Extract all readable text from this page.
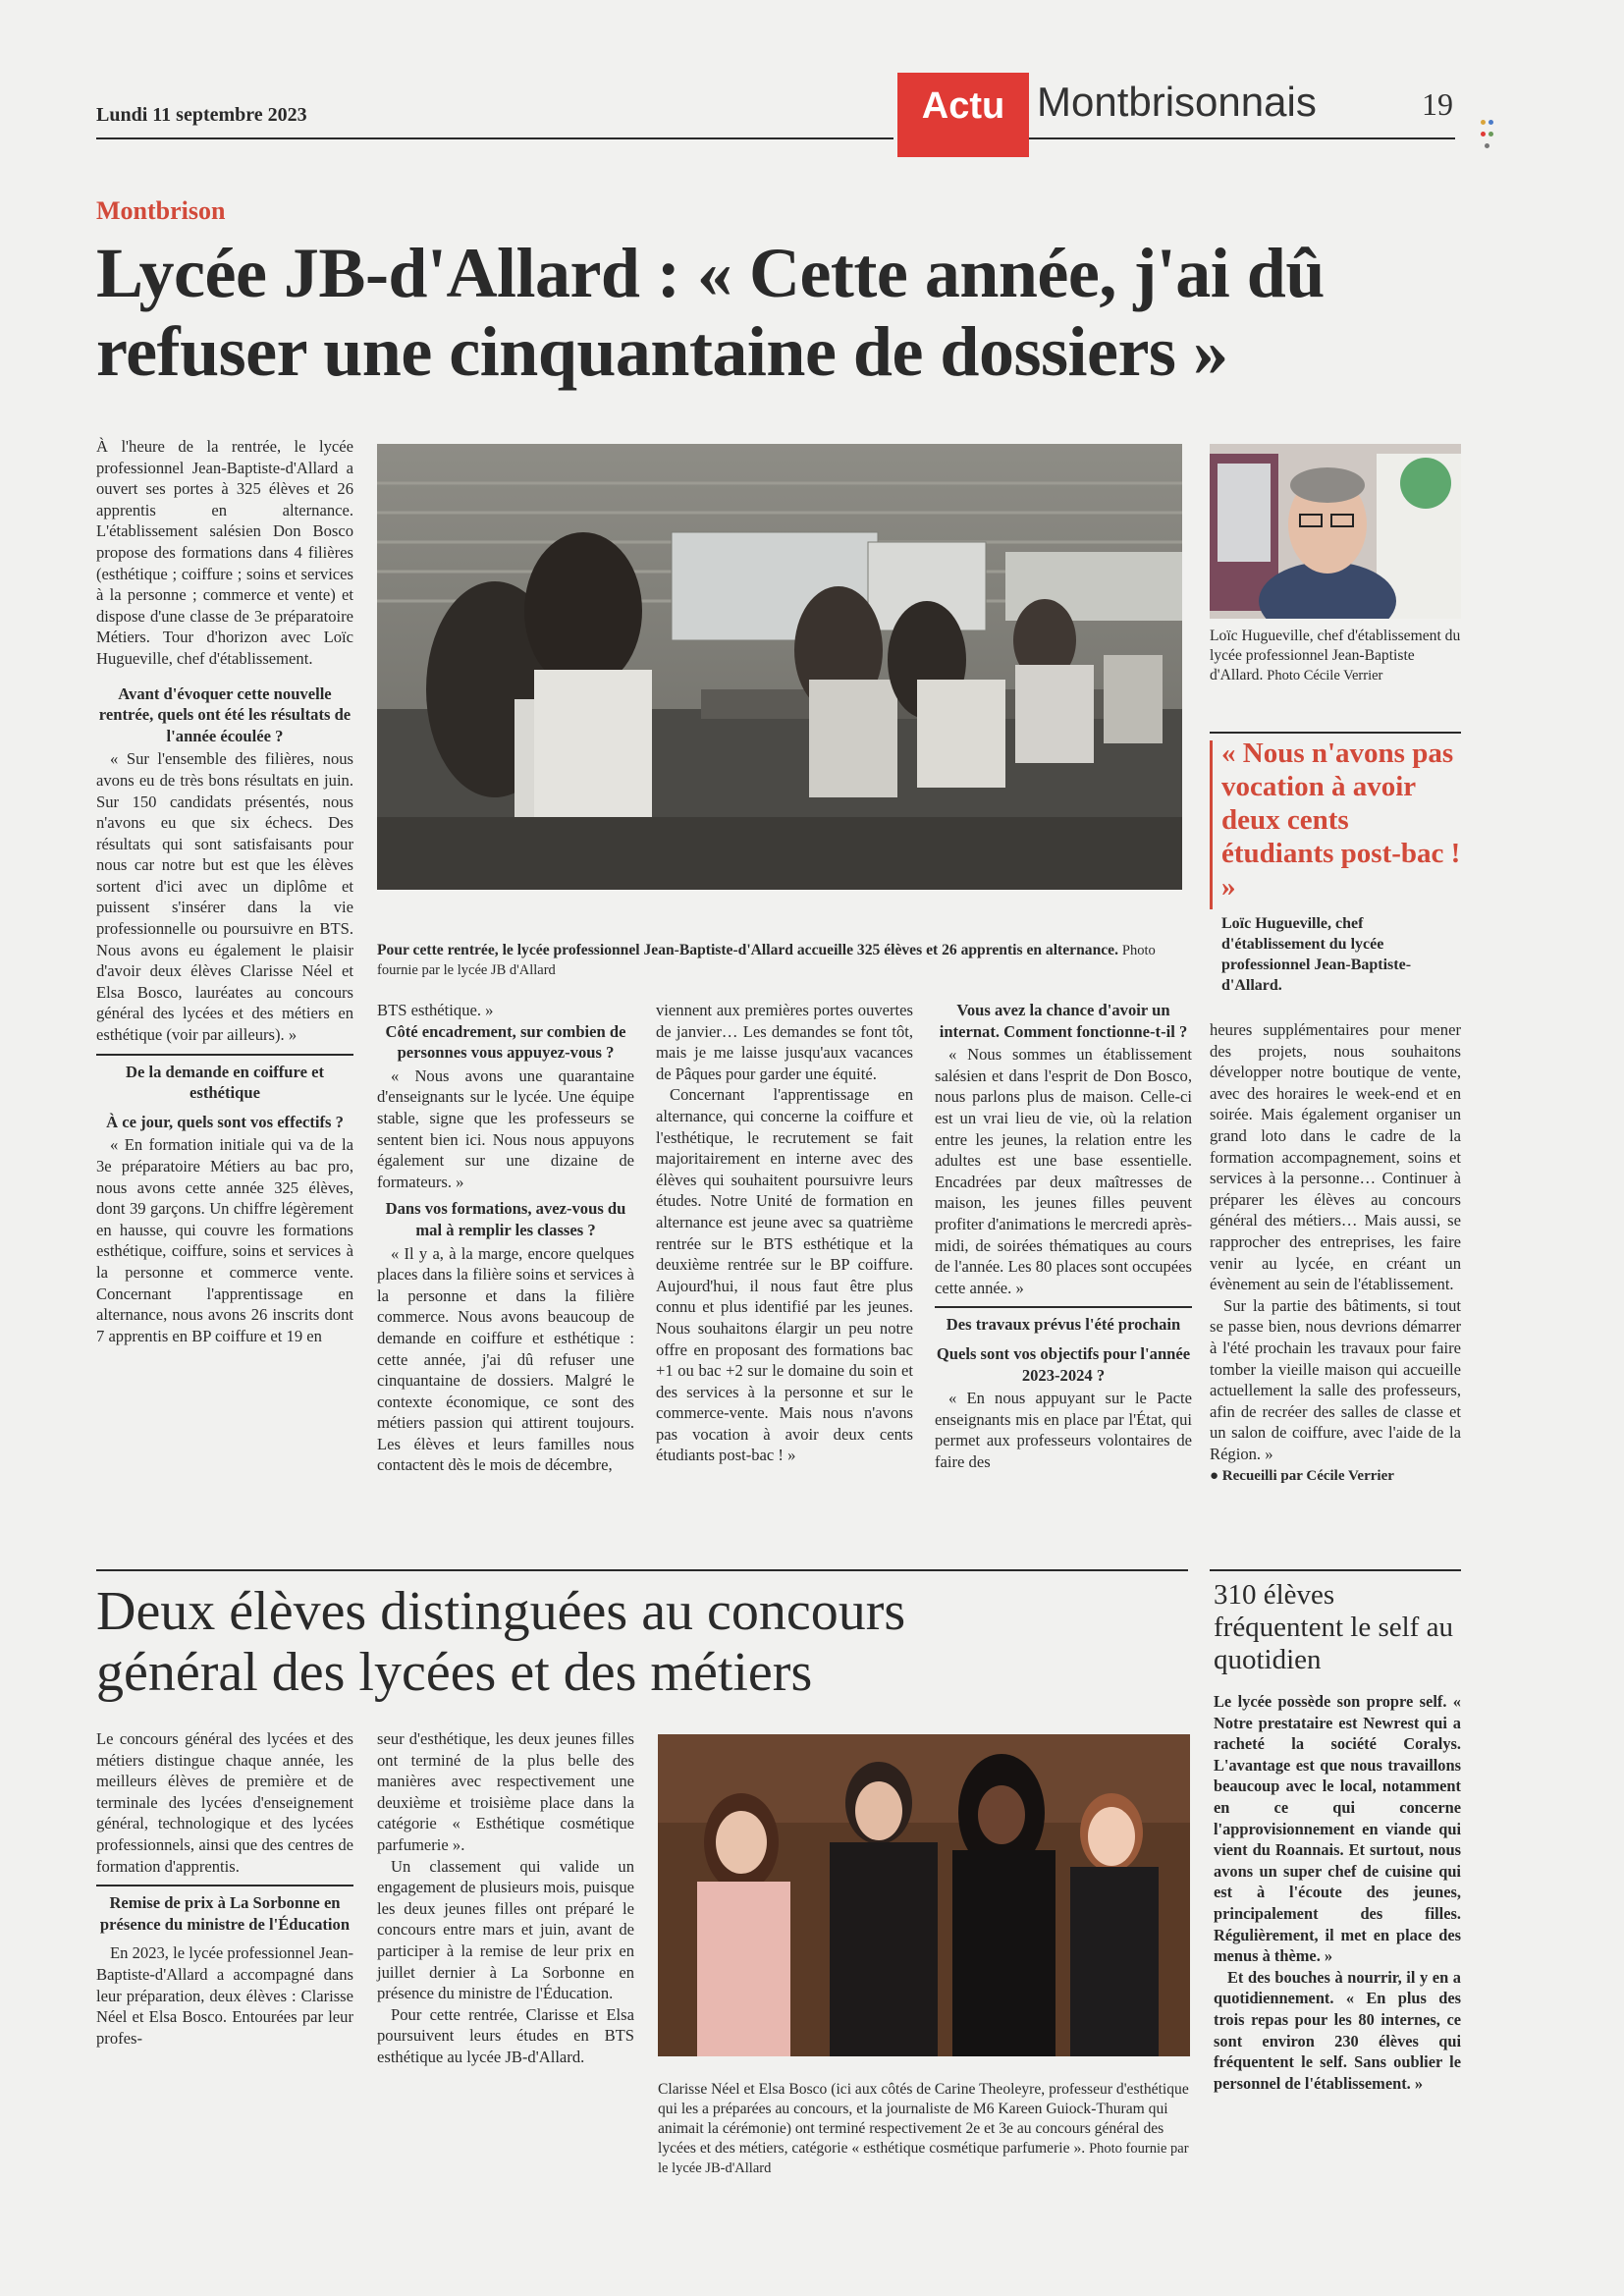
Lundi 11 septembre 2023	Actu Montbrisonnais	19
Montbrison
Lycée JB-d'Allard : « Cette année, j'ai dû
refuser une cinquantaine de dossiers »

À l'heure de la rentrée, le lycée professionnel Jean-Baptiste-d'Allard a ouvert ses portes à 325 élèves et 26 apprentis en alternance. L'établissement salésien Don Bosco propose des formations dans 4 filières (esthétique ; coiffure ; soins et services à la personne ; commerce et vente) et dispose d'une classe de 3e préparatoire Métiers. Tour d'horizon avec Loïc Hugueville, chef d'établissement.

Avant d'évoquer cette nouvelle rentrée, quels ont été les résultats de l'année écoulée ?

« Sur l'ensemble des filières, nous avons eu de très bons résultats en juin. Sur 150 candidats présentés, nous n'avons eu que six échecs. Des résultats qui sont satisfaisants pour nous car notre but est que les élèves sortent d'ici avec un diplôme et puissent s'insérer dans la vie professionnelle ou poursuivre en BTS. Nous avons eu également le plaisir d'avoir deux élèves Clarisse Néel et Elsa Bosco, lauréates au concours général des lycées et des métiers en esthétique (voir par ailleurs). »

De la demande en coiffure et esthétique

À ce jour, quels sont vos effectifs ?

« En formation initiale qui va de la 3e préparatoire Métiers au bac pro, nous avons cette année 325 élèves, dont 39 garçons. Un chiffre légèrement en hausse, qui couvre les formations esthétique, coiffure, soins et services à la personne et commerce vente. Concernant l'apprentissage en alternance, nous avons 26 inscrits dont 7 apprentis en BP coiffure et 19 en

Pour cette rentrée, le lycée professionnel Jean-Baptiste-d'Allard accueille 325 élèves et 26 apprentis en alternance. Photo fournie par le lycée JB d'Allard
Loïc Hugueville, chef d'établissement du lycée professionnel Jean-Baptiste d'Allard. Photo Cécile Verrier
« Nous n'avons pas vocation à avoir deux cents étudiants post-bac ! »
Loïc Hugueville, chef d'établissement du lycée professionnel Jean-Baptiste-d'Allard.

BTS esthétique. »

Côté encadrement, sur combien de personnes vous appuyez-vous ?

« Nous avons une quarantaine d'enseignants sur le lycée. Une équipe stable, signe que les professeurs se sentent bien ici. Nous nous appuyons également sur une dizaine de formateurs. »

Dans vos formations, avez-vous du mal à remplir les classes ?

« Il y a, à la marge, encore quelques places dans la filière soins et services à la personne et dans la filière commerce. Nous avons beaucoup de demande en coiffure et esthétique : cette année, j'ai dû refuser une cinquantaine de dossiers. Malgré le contexte économique, ce sont des métiers passion qui attirent toujours. Les élèves et leurs familles nous contactent dès le mois de décembre,

viennent aux premières portes ouvertes de janvier… Les demandes se font tôt, mais je me laisse jusqu'aux vacances de Pâques pour garder une équité.

Concernant l'apprentissage en alternance, qui concerne la coiffure et l'esthétique, le recrutement se fait majoritairement en interne avec des élèves qui souhaitent poursuivre leurs études. Notre Unité de formation en alternance est jeune avec sa quatrième rentrée sur le BTS esthétique et la deuxième rentrée sur le BP coiffure. Aujourd'hui, il nous faut être plus connu et plus identifié par les jeunes. Nous souhaitons élargir un peu notre offre en proposant des formations bac +1 ou bac +2 sur le domaine du soin et des services à la personne et sur le commerce-vente. Mais nous n'avons pas vocation à avoir deux cents étudiants post-bac ! »

Vous avez la chance d'avoir un internat. Comment fonctionne-t-il ?

« Nous sommes un établissement salésien et dans l'esprit de Don Bosco, nous parlons plus de maison. Celle-ci est un vrai lieu de vie, où la relation entre les jeunes, la relation entre les adultes est une base essentielle. Encadrées par deux maîtresses de maison, les jeunes filles peuvent profiter d'animations le mercredi après-midi, de soirées thématiques au cours de l'année. Les 80 places sont occupées cette année. »

Des travaux prévus l'été prochain

Quels sont vos objectifs pour l'année 2023-2024 ?

« En nous appuyant sur le Pacte enseignants mis en place par l'État, qui permet aux professeurs volontaires de faire des

heures supplémentaires pour mener des projets, nous souhaitons développer notre boutique de vente, avec des horaires le week-end et en soirée. Mais également organiser un grand loto dans le cadre de la formation accompagnement, soins et services à la personne… Continuer à préparer les élèves au concours général des métiers… Mais aussi, se rapprocher des entreprises, les faire venir au lycée, en créant un évènement au sein de l'établissement.

Sur la partie des bâtiments, si tout se passe bien, nous devrions démarrer à l'été prochain les travaux pour faire tomber la vieille maison qui accueille actuellement la salle des professeurs, afin de recréer des salles de classe et un salon de coiffure, avec l'aide de la Région. »

● Recueilli par Cécile Verrier

Deux élèves distinguées au concours
général des lycées et des métiers

Le concours général des lycées et des métiers distingue chaque année, les meilleurs élèves de première et de terminale des lycées d'enseignement général, technologique et des lycées professionnels, ainsi que des centres de formation d'apprentis.

Remise de prix à La Sorbonne en présence du ministre de l'Éducation

En 2023, le lycée professionnel Jean-Baptiste-d'Allard a accompagné dans leur préparation, deux élèves : Clarisse Néel et Elsa Bosco. Entourées par leur profes-

seur d'esthétique, les deux jeunes filles ont terminé de la plus belle des manières avec respectivement une deuxième et troisième place dans la catégorie « Esthétique cosmétique parfumerie ».

Un classement qui valide un engagement de plusieurs mois, puisque les deux jeunes filles ont préparé le concours entre mars et juin, avant de participer à la remise de leur prix en juillet dernier à La Sorbonne en présence du ministre de l'Éducation.

Pour cette rentrée, Clarisse et Elsa poursuivent leurs études en BTS esthétique au lycée JB-d'Allard.

Clarisse Néel et Elsa Bosco (ici aux côtés de Carine Theoleyre, professeur d'esthétique qui les a préparées au concours, et la journaliste de M6 Kareen Guiock-Thuram qui animait la cérémonie) ont terminé respectivement 2e et 3e au concours général des lycées et des métiers, catégorie « esthétique cosmétique parfumerie ». Photo fournie par le lycée JB-d'Allard
310 élèves fréquentent le self au quotidien

Le lycée possède son propre self. « Notre prestataire est Newrest qui a racheté la société Coralys. L'avantage est que nous travaillons beaucoup avec le local, notamment en ce qui concerne l'approvisionnement en viande qui vient du Roannais. Et surtout, nous avons un super chef de cuisine qui est à l'écoute des jeunes, principalement des filles. Régulièrement, il met en place des menus à thème. »

Et des bouches à nourrir, il y en a quotidiennement. « En plus des trois repas pour les 80 internes, ce sont environ 230 élèves qui fréquentent le self. Sans oublier le personnel de l'établissement. »
